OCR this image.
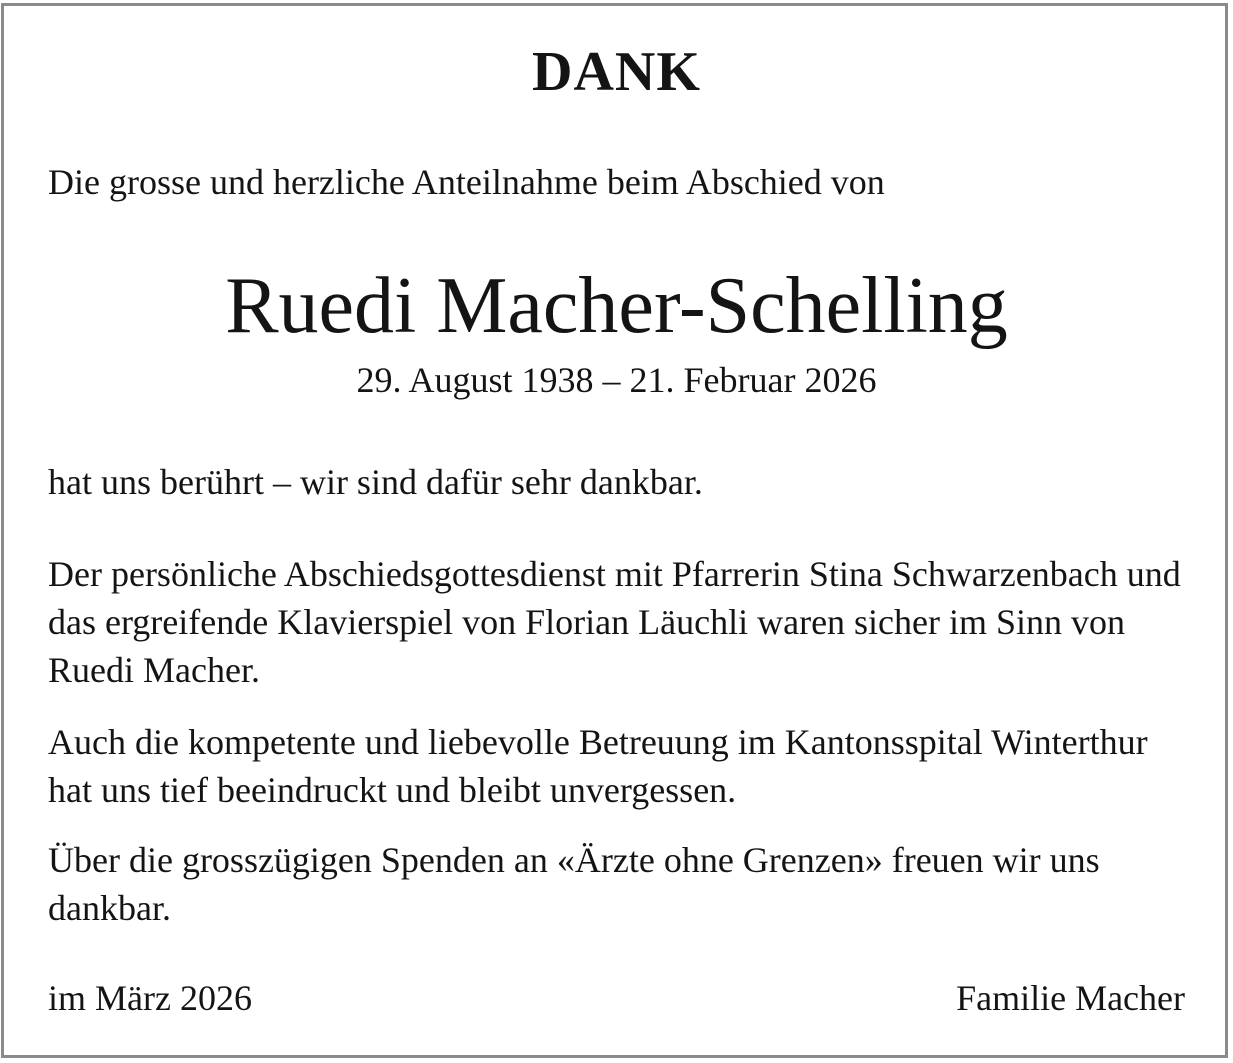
DANK
Die grosse und herzliche Anteilnahme beim Abschied von
Ruedi Macher-Schelling
29. August 1938 – 21. Februar 2026
hat uns berührt – wir sind dafür sehr dankbar.
Der persönliche Abschiedsgottesdienst mit Pfarrerin Stina Schwarzenbach und das ergreifende Klavierspiel von Florian Läuchli waren sicher im Sinn von Ruedi Macher.
Auch die kompetente und liebevolle Betreuung im Kantonsspital Winterthur hat uns tief beeindruckt und bleibt unvergessen.
Über die grosszügigen Spenden an «Ärzte ohne Grenzen» freuen wir uns dankbar.
im März 2026	Familie Macher
